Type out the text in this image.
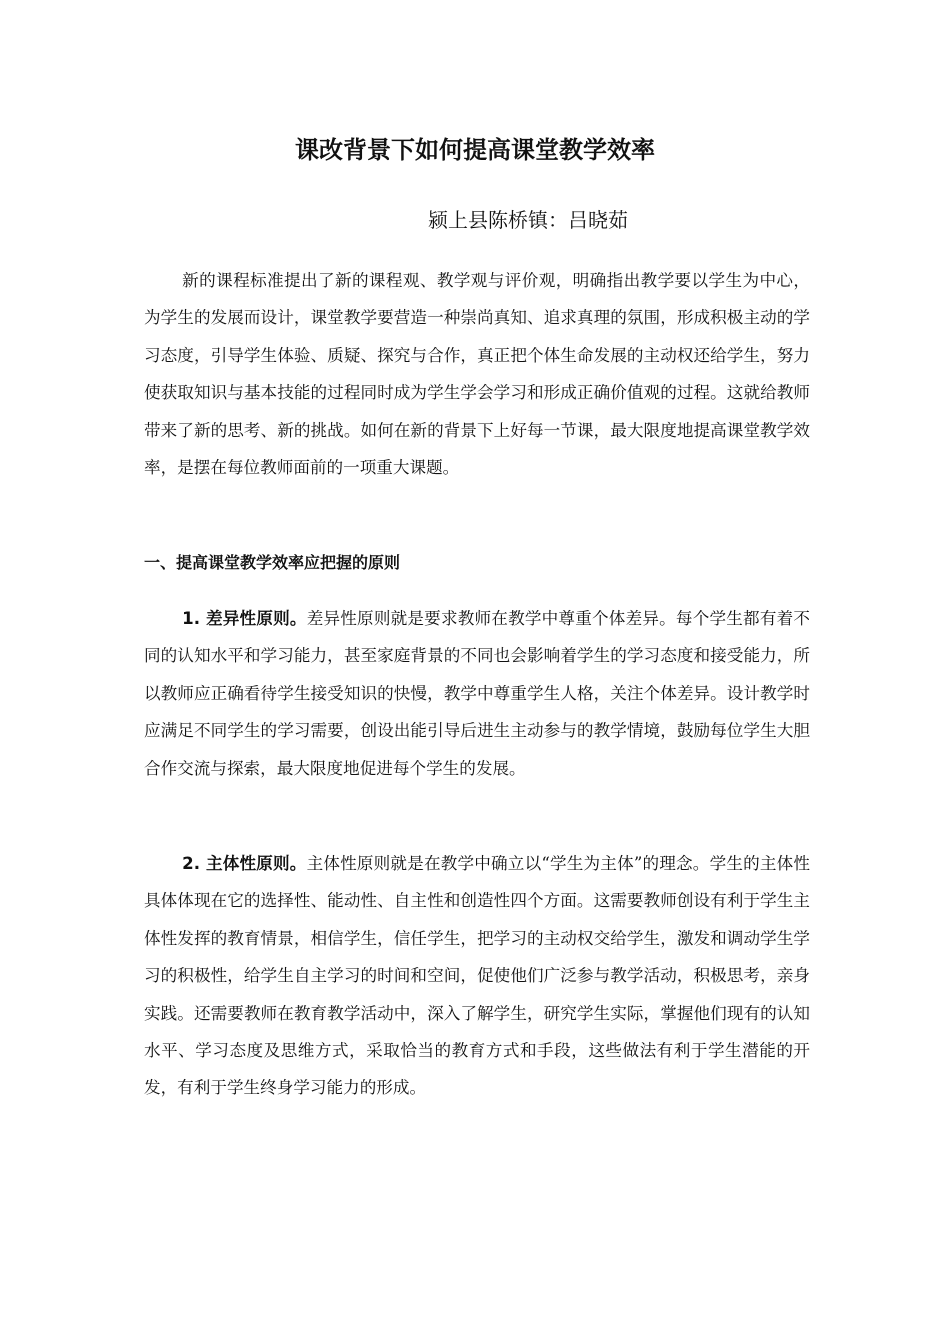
课改背景下如何提高课堂教学效率

颍上县陈桥镇：吕晓茹

新的课程标准提出了新的课程观、教学观与评价观，明确指出教学要以学生为中心，为学生的发展而设计，课堂教学要营造一种崇尚真知、追求真理的氛围，形成积极主动的学习态度，引导学生体验、质疑、探究与合作，真正把个体生命发展的主动权还给学生，努力使获取知识与基本技能的过程同时成为学生学会学习和形成正确价值观的过程。这就给教师带来了新的思考、新的挑战。如何在新的背景下上好每一节课，最大限度地提高课堂教学效率，是摆在每位教师面前的一项重大课题。

一、提高课堂教学效率应把握的原则

1. 差异性原则。差异性原则就是要求教师在教学中尊重个体差异。每个学生都有着不同的认知水平和学习能力，甚至家庭背景的不同也会影响着学生的学习态度和接受能力，所以教师应正确看待学生接受知识的快慢，教学中尊重学生人格，关注个体差异。设计教学时应满足不同学生的学习需要，创设出能引导后进生主动参与的教学情境，鼓励每位学生大胆合作交流与探索，最大限度地促进每个学生的发展。

2. 主体性原则。主体性原则就是在教学中确立以“学生为主体”的理念。学生的主体性具体体现在它的选择性、能动性、自主性和创造性四个方面。这需要教师创设有利于学生主体性发挥的教育情景，相信学生，信任学生，把学习的主动权交给学生，激发和调动学生学习的积极性，给学生自主学习的时间和空间，促使他们广泛参与教学活动，积极思考，亲身实践。还需要教师在教育教学活动中，深入了解学生，研究学生实际，掌握他们现有的认知水平、学习态度及思维方式，采取恰当的教育方式和手段，这些做法有利于学生潜能的开发，有利于学生终身学习能力的形成。
